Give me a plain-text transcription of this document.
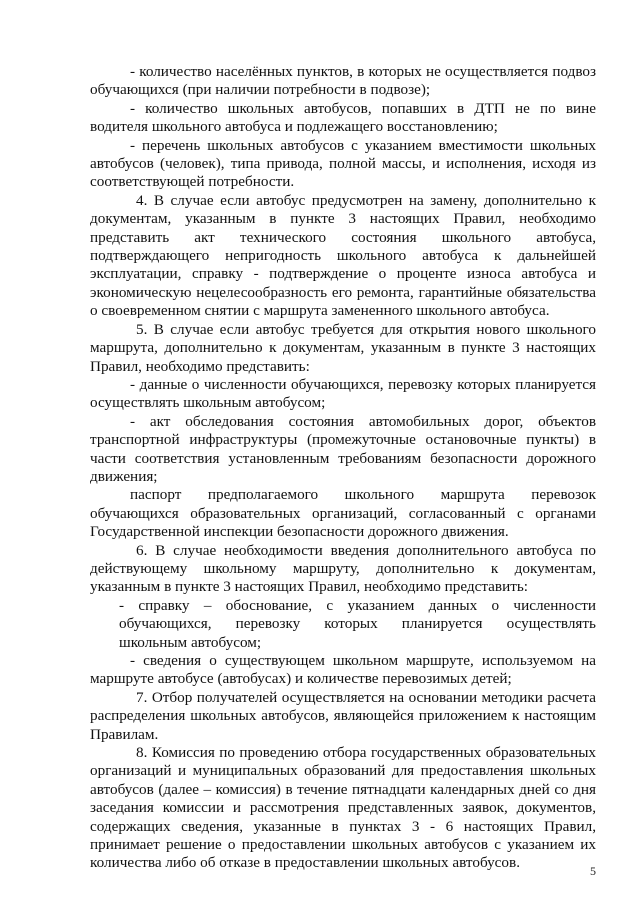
- количество населённых пунктов, в которых не осуществляется подвоз
обучающихся (при наличии потребности в подвозе);
- количество школьных автобусов, попавших в ДТП не по вине
водителя школьного автобуса и подлежащего восстановлению;
- перечень школьных автобусов с указанием вместимости школьных
автобусов (человек), типа привода, полной массы, и исполнения, исходя из
соответствующей потребности.
4. В случае если автобус предусмотрен на замену, дополнительно к
документам, указанным в пункте 3 настоящих Правил, необходимо
представить акт технического состояния школьного автобуса,
подтверждающего непригодность школьного автобуса к дальнейшей
эксплуатации, справку - подтверждение о проценте износа автобуса и
экономическую нецелесообразность его ремонта, гарантийные обязательства
о своевременном снятии с маршрута замененного школьного автобуса.
5. В случае если автобус требуется для открытия нового школьного
маршрута, дополнительно к документам, указанным в пункте 3 настоящих
Правил, необходимо представить:
- данные о численности обучающихся, перевозку которых планируется
осуществлять школьным автобусом;
- акт обследования состояния автомобильных дорог, объектов
транспортной инфраструктуры (промежуточные остановочные пункты) в
части соответствия установленным требованиям безопасности дорожного
движения;
паспорт предполагаемого школьного маршрута перевозок
обучающихся образовательных организаций, согласованный с органами
Государственной инспекции безопасности дорожного движения.
6. В случае необходимости введения дополнительного автобуса по
действующему школьному маршруту, дополнительно к документам,
указанным в пункте 3 настоящих Правил, необходимо представить:
- справку – обоснование, с указанием данных о численности
обучающихся, перевозку которых планируется осуществлять
школьным автобусом;
- сведения о существующем школьном маршруте, используемом на
маршруте автобусе (автобусах) и количестве перевозимых детей;
7. Отбор получателей осуществляется на основании методики расчета
распределения школьных автобусов, являющейся приложением к настоящим
Правилам.
8. Комиссия по проведению отбора государственных образовательных
организаций и муниципальных образований для предоставления школьных
автобусов (далее – комиссия) в течение пятнадцати календарных дней со дня
заседания комиссии и рассмотрения представленных заявок, документов,
содержащих сведения, указанные в пунктах 3 - 6 настоящих Правил,
принимает решение о предоставлении школьных автобусов с указанием их
количества либо об отказе в предоставлении школьных автобусов.	5
